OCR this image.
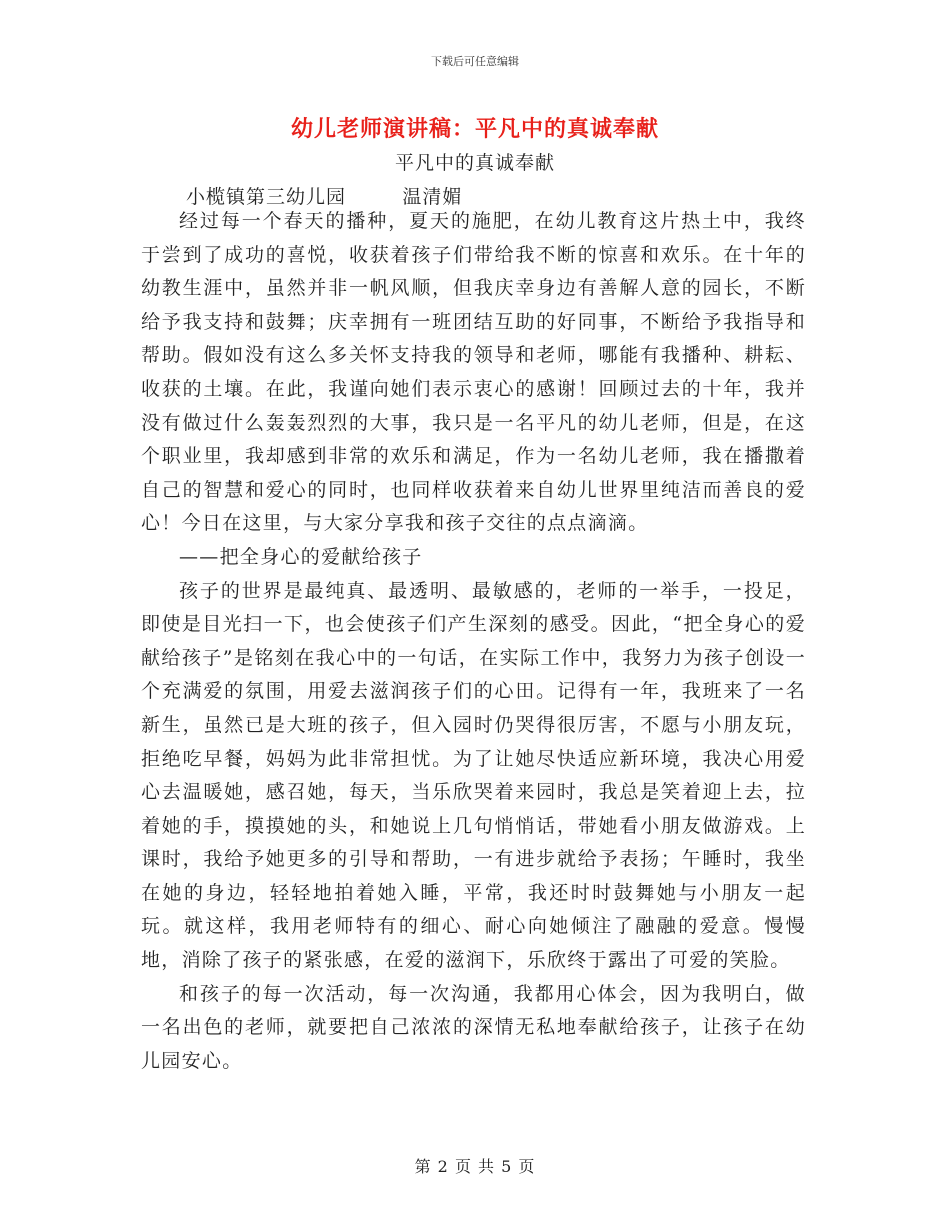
下载后可任意编辑
幼儿老师演讲稿：平凡中的真诚奉献
平凡中的真诚奉献
小榄镇第三幼儿园        温清媚

经过每一个春天的播种，夏天的施肥，在幼儿教育这片热土中，我终于尝到了成功的喜悦，收获着孩子们带给我不断的惊喜和欢乐。在十年的幼教生涯中，虽然并非一帆风顺，但我庆幸身边有善解人意的园长，不断给予我支持和鼓舞；庆幸拥有一班团结互助的好同事，不断给予我指导和帮助。假如没有这么多关怀支持我的领导和老师，哪能有我播种、耕耘、收获的土壤。在此，我谨向她们表示衷心的感谢！回顾过去的十年，我并没有做过什么轰轰烈烈的大事，我只是一名平凡的幼儿老师，但是，在这个职业里，我却感到非常的欢乐和满足，作为一名幼儿老师，我在播撒着自己的智慧和爱心的同时，也同样收获着来自幼儿世界里纯洁而善良的爱心！今日在这里，与大家分享我和孩子交往的点点滴滴。

——把全身心的爱献给孩子

孩子的世界是最纯真、最透明、最敏感的，老师的一举手，一投足，即使是目光扫一下，也会使孩子们产生深刻的感受。因此，“把全身心的爱献给孩子”是铭刻在我心中的一句话，在实际工作中，我努力为孩子创设一个充满爱的氛围，用爱去滋润孩子们的心田。记得有一年，我班来了一名新生，虽然已是大班的孩子，但入园时仍哭得很厉害，不愿与小朋友玩，拒绝吃早餐，妈妈为此非常担忧。为了让她尽快适应新环境，我决心用爱心去温暖她，感召她，每天，当乐欣哭着来园时，我总是笑着迎上去，拉着她的手，摸摸她的头，和她说上几句悄悄话，带她看小朋友做游戏。上课时，我给予她更多的引导和帮助，一有进步就给予表扬；午睡时，我坐在她的身边，轻轻地拍着她入睡，平常，我还时时鼓舞她与小朋友一起玩。就这样，我用老师特有的细心、耐心向她倾注了融融的爱意。慢慢地，消除了孩子的紧张感，在爱的滋润下，乐欣终于露出了可爱的笑脸。

和孩子的每一次活动，每一次沟通，我都用心体会，因为我明白，做一名出色的老师，就要把自己浓浓的深情无私地奉献给孩子，让孩子在幼儿园安心。

第 2 页 共 5 页
